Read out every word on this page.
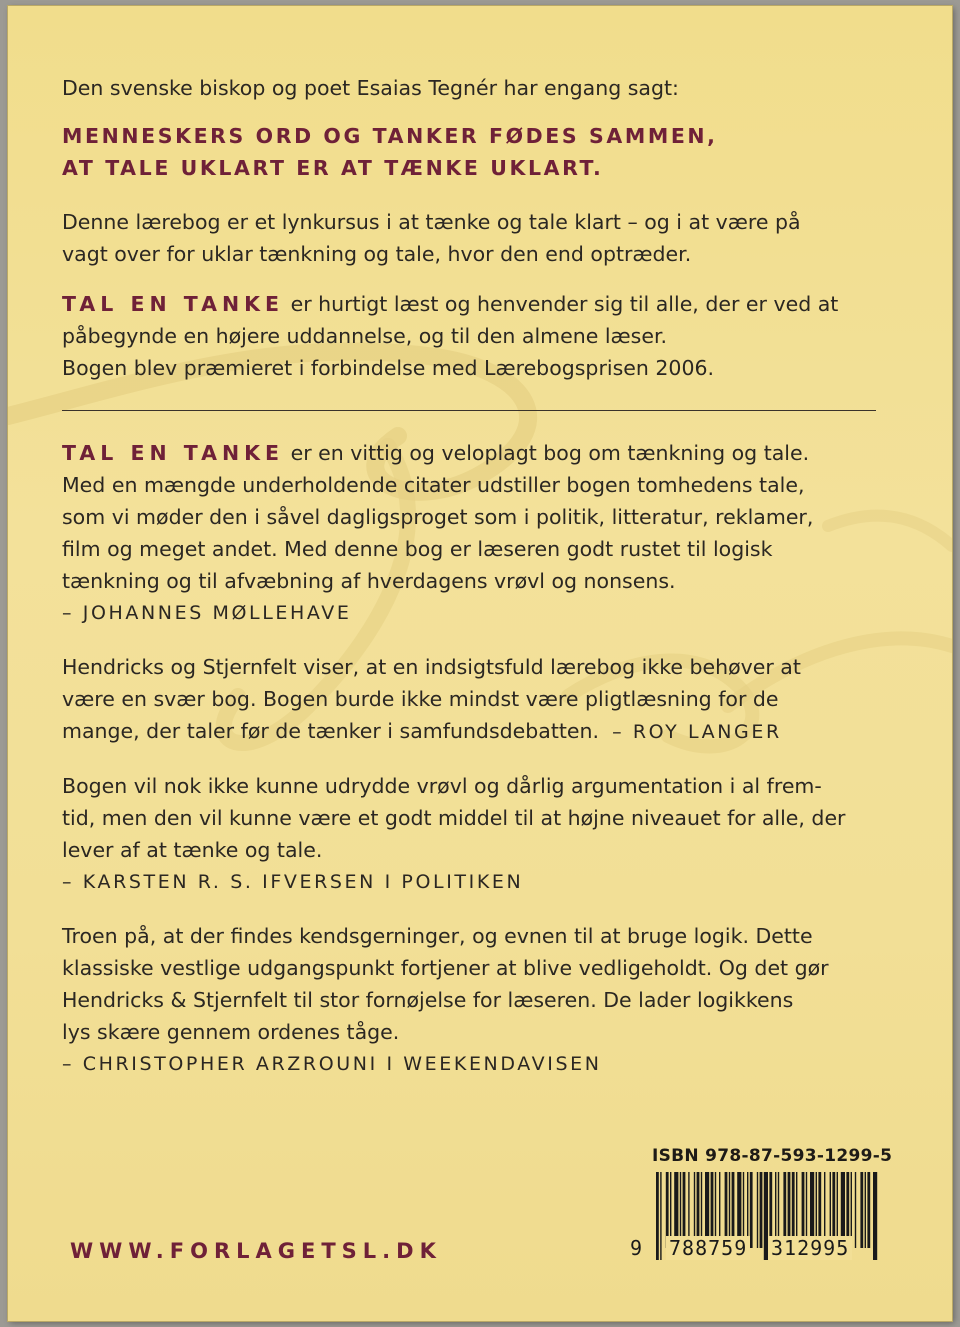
Den svenske biskop og poet Esaias Tegnér har engang sagt:

MENNESKERS ORD OG TANKER FØDES SAMMEN,

AT TALE UKLART ER AT TÆNKE UKLART.

Denne lærebog er et lynkursus i at tænke og tale klart – og i at være på

vagt over for uklar tænkning og tale, hvor den end optræder.

TAL EN TANKE er hurtigt læst og henvender sig til alle, der er ved at

påbegynde en højere uddannelse, og til den almene læser.

Bogen blev præmieret i forbindelse med Lærebogsprisen 2006.

TAL EN TANKE er en vittig og veloplagt bog om tænkning og tale.

Med en mængde underholdende citater udstiller bogen tomhedens tale,

som vi møder den i såvel dagligsproget som i politik, litteratur, reklamer,

film og meget andet. Med denne bog er læseren godt rustet til logisk

tænkning og til afvæbning af hverdagens vrøvl og nonsens.

– JOHANNES MØLLEHAVE

Hendricks og Stjernfelt viser, at en indsigtsfuld lærebog ikke behøver at

være en svær bog. Bogen burde ikke mindst være pligtlæsning for de

mange, der taler før de tænker i samfundsdebatten. – ROY LANGER

Bogen vil nok ikke kunne udrydde vrøvl og dårlig argumentation i al frem-

tid, men den vil kunne være et godt middel til at højne niveauet for alle, der

lever af at tænke og tale.

– KARSTEN R. S. IFVERSEN I POLITIKEN

Troen på, at der findes kendsgerninger, og evnen til at bruge logik. Dette

klassiske vestlige udgangspunkt fortjener at blive vedligeholdt. Og det gør

Hendricks & Stjernfelt til stor fornøjelse for læseren. De lader logikkens

lys skære gennem ordenes tåge.

– CHRISTOPHER ARZROUNI I WEEKENDAVISEN

ISBN 978-87-593-1299-5
9 788759 312995
WWW.FORLAGETSL.DK
